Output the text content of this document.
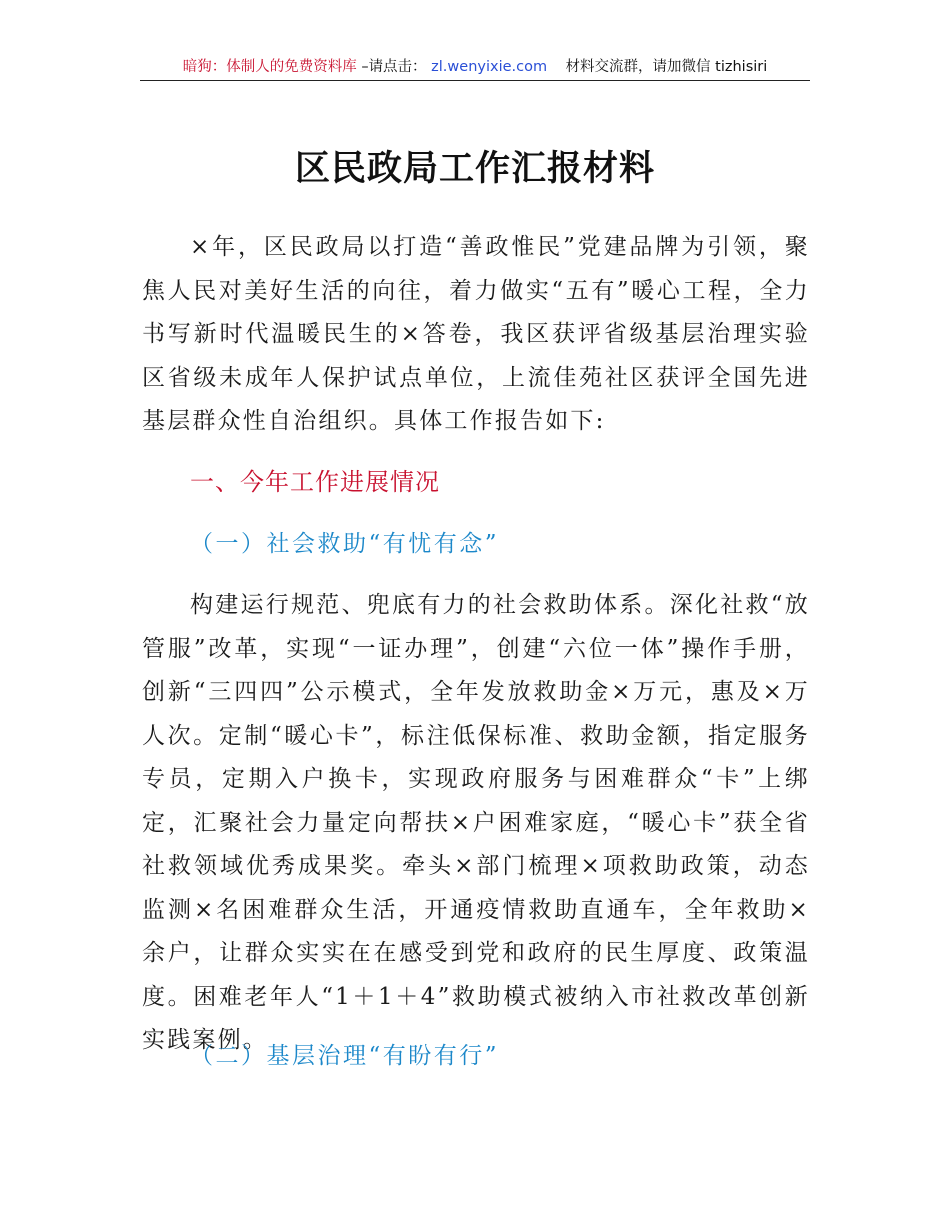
暗狗：体制人的免费资料库 –请点击： zl.wenyixie.com 材料交流群，请加微信 tizhisiri
区民政局工作汇报材料

×年，区民政局以打造“善政惟民”党建品牌为引领，聚焦人民对美好生活的向往，着力做实“五有”暖心工程，全力书写新时代温暖民生的×答卷，我区获评省级基层治理实验区省级未成年人保护试点单位，上流佳苑社区获评全国先进基层群众性自治组织。具体工作报告如下:

一、今年工作进展情况
（一）社会救助“有忧有念”

构建运行规范、兜底有力的社会救助体系。深化社救“放管服”改革，实现“一证办理”，创建“六位一体”操作手册，创新“三四四”公示模式，全年发放救助金×万元，惠及×万人次。定制“暖心卡”，标注低保标准、救助金额，指定服务专员，定期入户换卡，实现政府服务与困难群众“卡”上绑定，汇聚社会力量定向帮扶×户困难家庭，“暖心卡”获全省社救领域优秀成果奖。牵头×部门梳理×项救助政策，动态监测×名困难群众生活，开通疫情救助直通车，全年救助×余户，让群众实实在在感受到党和政府的民生厚度、政策温度。困难老年人“1＋1＋4”救助模式被纳入市社救改革创新实践案例。

（二）基层治理“有盼有行”
